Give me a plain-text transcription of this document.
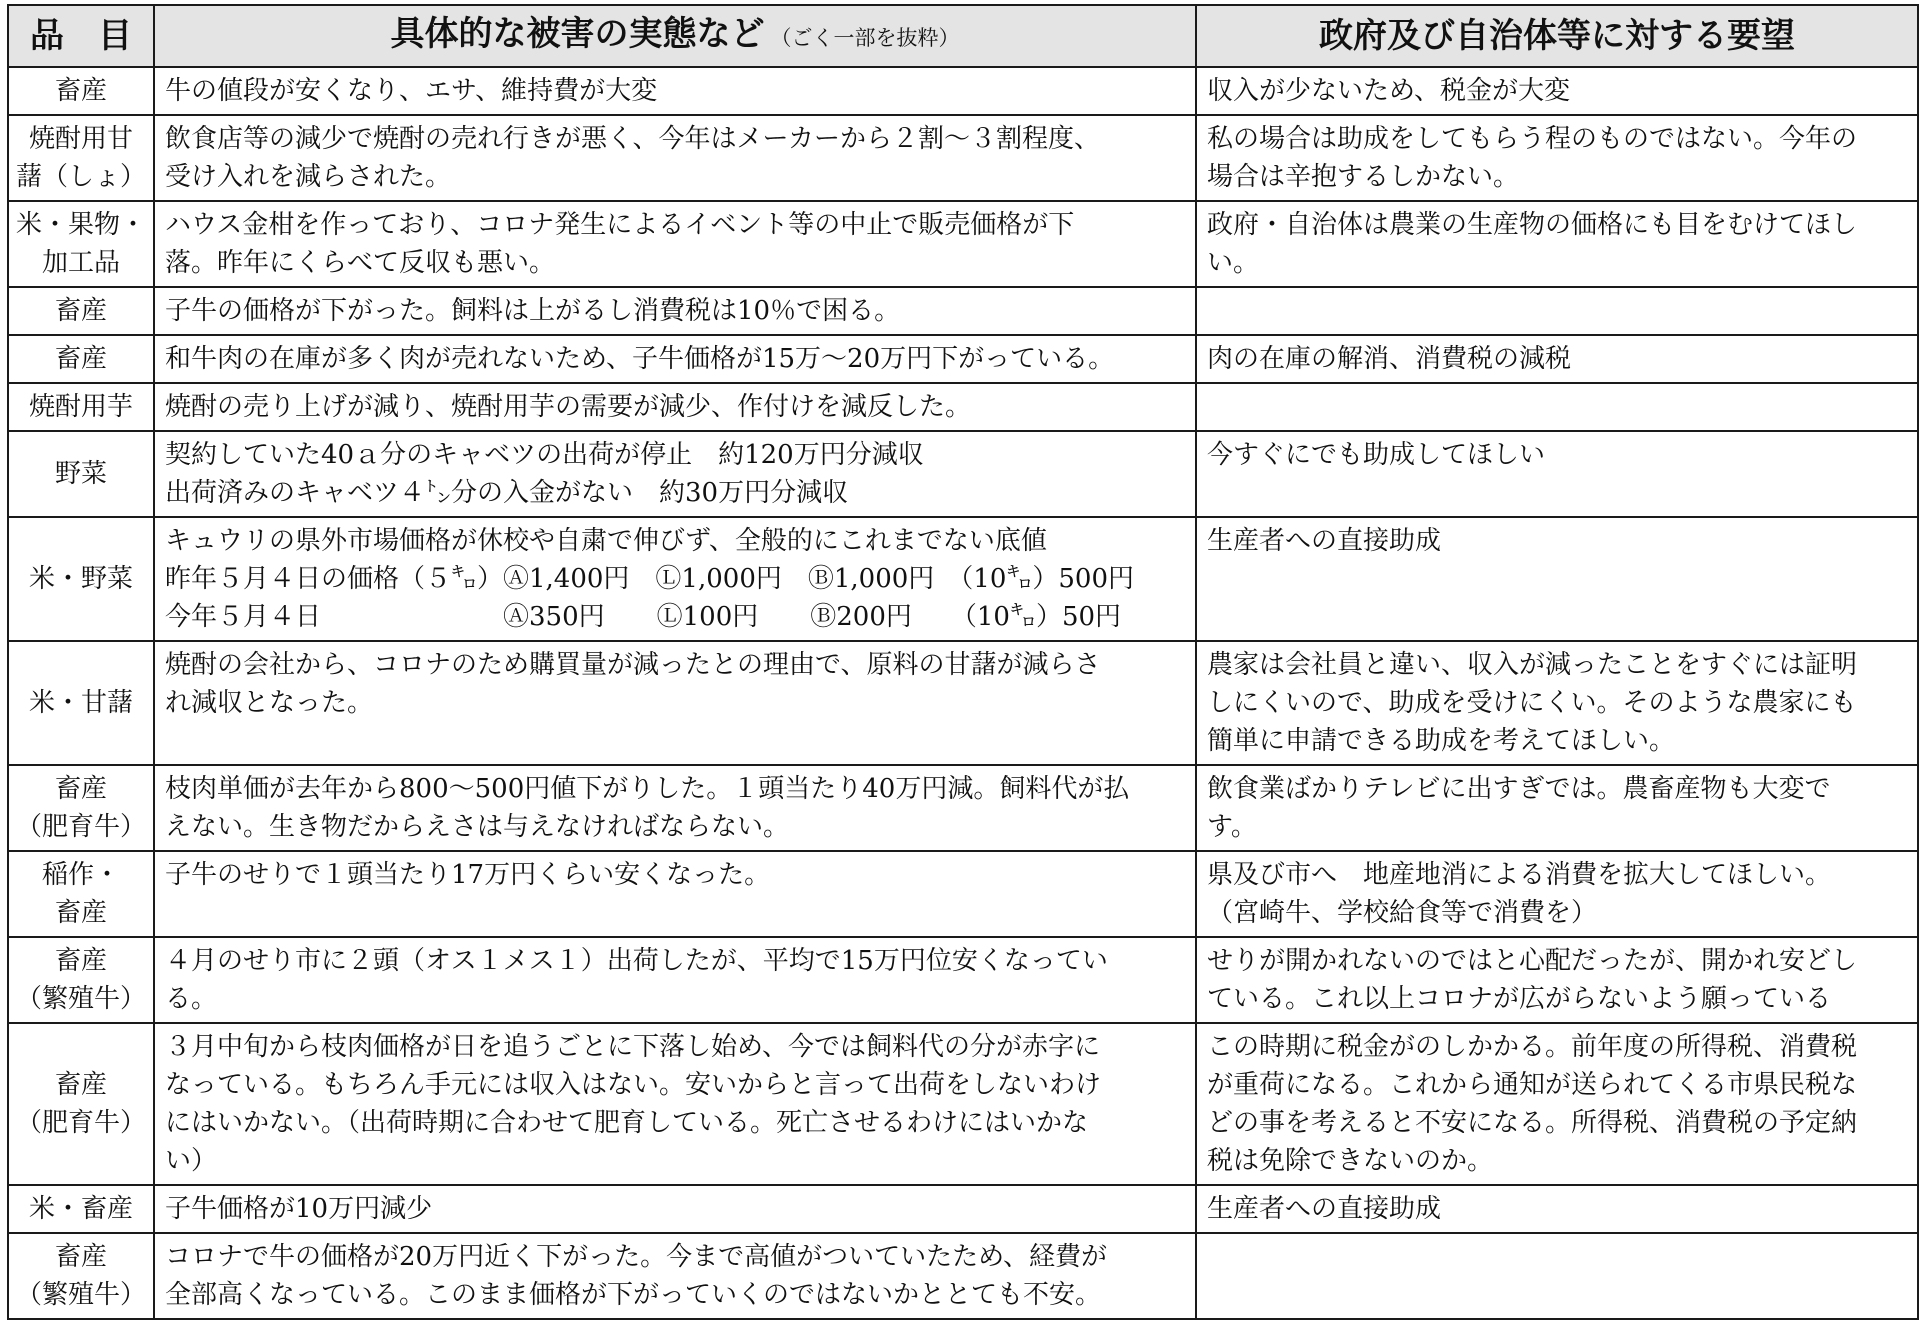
品　目	具体的な被害の実態など （ごく一部を抜粋）	政府及び自治体等に対する要望

畜産	牛の値段が安くなり、エサ、維持費が大変	収入が少ないため、税金が大変

焼酎用甘
藷（しょ）	飲食店等の減少で焼酎の売れ行きが悪く、今年はメーカーから２割〜３割程度、
受け入れを減らされた。	私の場合は助成をしてもらう程のものではない。今年の
場合は辛抱するしかない。

米・果物・
加工品	ハウス金柑を作っており、コロナ発生によるイベント等の中止で販売価格が下
落。昨年にくらべて反収も悪い。	政府・自治体は農業の生産物の価格にも目をむけてほし
い。

畜産	子牛の価格が下がった。飼料は上がるし消費税は10％で困る。	

畜産	和牛肉の在庫が多く肉が売れないため、子牛価格が15万〜20万円下がっている。	肉の在庫の解消、消費税の減税

焼酎用芋	焼酎の売り上げが減り、焼酎用芋の需要が減少、作付けを減反した。	

野菜	契約していた40ａ分のキャベツの出荷が停止　約120万円分減収
出荷済みのキャベツ４㌧分の入金がない　約30万円分減収	今すぐにでも助成してほしい

米・野菜	キュウリの県外市場価格が休校や自粛で伸びず、全般的にこれまでない底値
昨年５月４日の価格（５㌔）Ⓐ1,400円　Ⓛ1,000円　Ⓑ1,000円　（10㌔）500円
今年５月４日　　　　　　　Ⓐ350円　　Ⓛ100円　　Ⓑ200円　　（10㌔）50円	生産者への直接助成

米・甘藷	焼酎の会社から、コロナのため購買量が減ったとの理由で、原料の甘藷が減らさ
れ減収となった。	農家は会社員と違い、収入が減ったことをすぐには証明
しにくいので、助成を受けにくい。そのような農家にも
簡単に申請できる助成を考えてほしい。

畜産
（肥育牛）	枝肉単価が去年から800〜500円値下がりした。１頭当たり40万円減。飼料代が払
えない。生き物だからえさは与えなければならない。	飲食業ばかりテレビに出すぎでは。農畜産物も大変で
す。

稲作・
畜産	子牛のせりで１頭当たり17万円くらい安くなった。	県及び市へ　地産地消による消費を拡大してほしい。
（宮崎牛、学校給食等で消費を）

畜産
（繁殖牛）	４月のせり市に２頭（オス１メス１）出荷したが、平均で15万円位安くなってい
る。	せりが開かれないのではと心配だったが、開かれ安どし
ている。これ以上コロナが広がらないよう願っている

畜産
（肥育牛）	３月中旬から枝肉価格が日を追うごとに下落し始め、今では飼料代の分が赤字に
なっている。もちろん手元には収入はない。安いからと言って出荷をしないわけ
にはいかない。（出荷時期に合わせて肥育している。死亡させるわけにはいかな
い）	この時期に税金がのしかかる。前年度の所得税、消費税
が重荷になる。これから通知が送られてくる市県民税な
どの事を考えると不安になる。所得税、消費税の予定納
税は免除できないのか。

米・畜産	子牛価格が10万円減少	生産者への直接助成

畜産
（繁殖牛）	コロナで牛の価格が20万円近く下がった。今まで高値がついていたため、経費が
全部高くなっている。このまま価格が下がっていくのではないかととても不安。	
